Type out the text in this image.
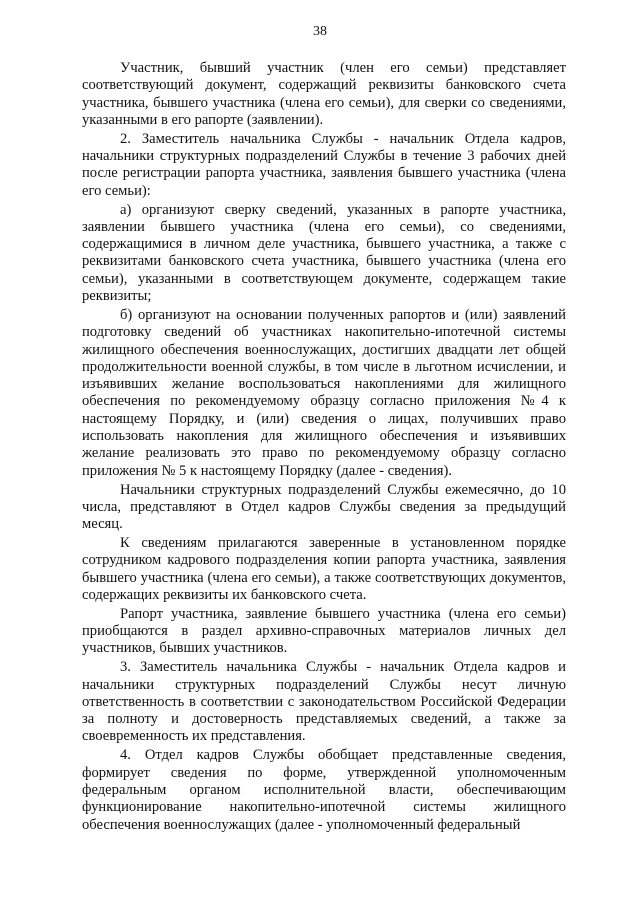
38

Участник, бывший участник (член его семьи) представляет соответствующий документ, содержащий реквизиты банковского счета участника, бывшего участника (члена его семьи), для сверки со сведениями, указанными в его рапорте (заявлении).

2. Заместитель начальника Службы - начальник Отдела кадров, начальники структурных подразделений Службы в течение 3 рабочих дней после регистрации рапорта участника, заявления бывшего участника (члена его семьи):

а) организуют сверку сведений, указанных в рапорте участника, заявлении бывшего участника (члена его семьи), со сведениями, содержащимися в личном деле участника, бывшего участника, а также с реквизитами банковского счета участника, бывшего участника (члена его семьи), указанными в соответствующем документе, содержащем такие реквизиты;

б) организуют на основании полученных рапортов и (или) заявлений подготовку сведений об участниках накопительно-ипотечной системы жилищного обеспечения военнослужащих, достигших двадцати лет общей продолжительности военной службы, в том числе в льготном исчислении, и изъявивших желание воспользоваться накоплениями для жилищного обеспечения по рекомендуемому образцу согласно приложения №4 к настоящему Порядку, и (или) сведения о лицах, получивших право использовать накопления для жилищного обеспечения и изъявивших желание реализовать это право по рекомендуемому образцу согласно приложения № 5 к настоящему Порядку (далее - сведения).

Начальники структурных подразделений Службы ежемесячно, до 10 числа, представляют в Отдел кадров Службы сведения за предыдущий месяц.

К сведениям прилагаются заверенные в установленном порядке сотрудником кадрового подразделения копии рапорта участника, заявления бывшего участника (члена его семьи), а также соответствующих документов, содержащих реквизиты их банковского счета.

Рапорт участника, заявление бывшего участника (члена его семьи) приобщаются в раздел архивно-справочных материалов личных дел участников, бывших участников.

3. Заместитель начальника Службы - начальник Отдела кадров и начальники структурных подразделений Службы несут личную ответственность в соответствии с законодательством Российской Федерации за полноту и достоверность представляемых сведений, а также за своевременность их представления.

4. Отдел кадров Службы обобщает представленные сведения, формирует сведения по форме, утвержденной уполномоченным федеральным органом исполнительной власти, обеспечивающим функционирование накопительно-ипотечной системы жилищного обеспечения военнослужащих (далее - уполномоченный федеральный
